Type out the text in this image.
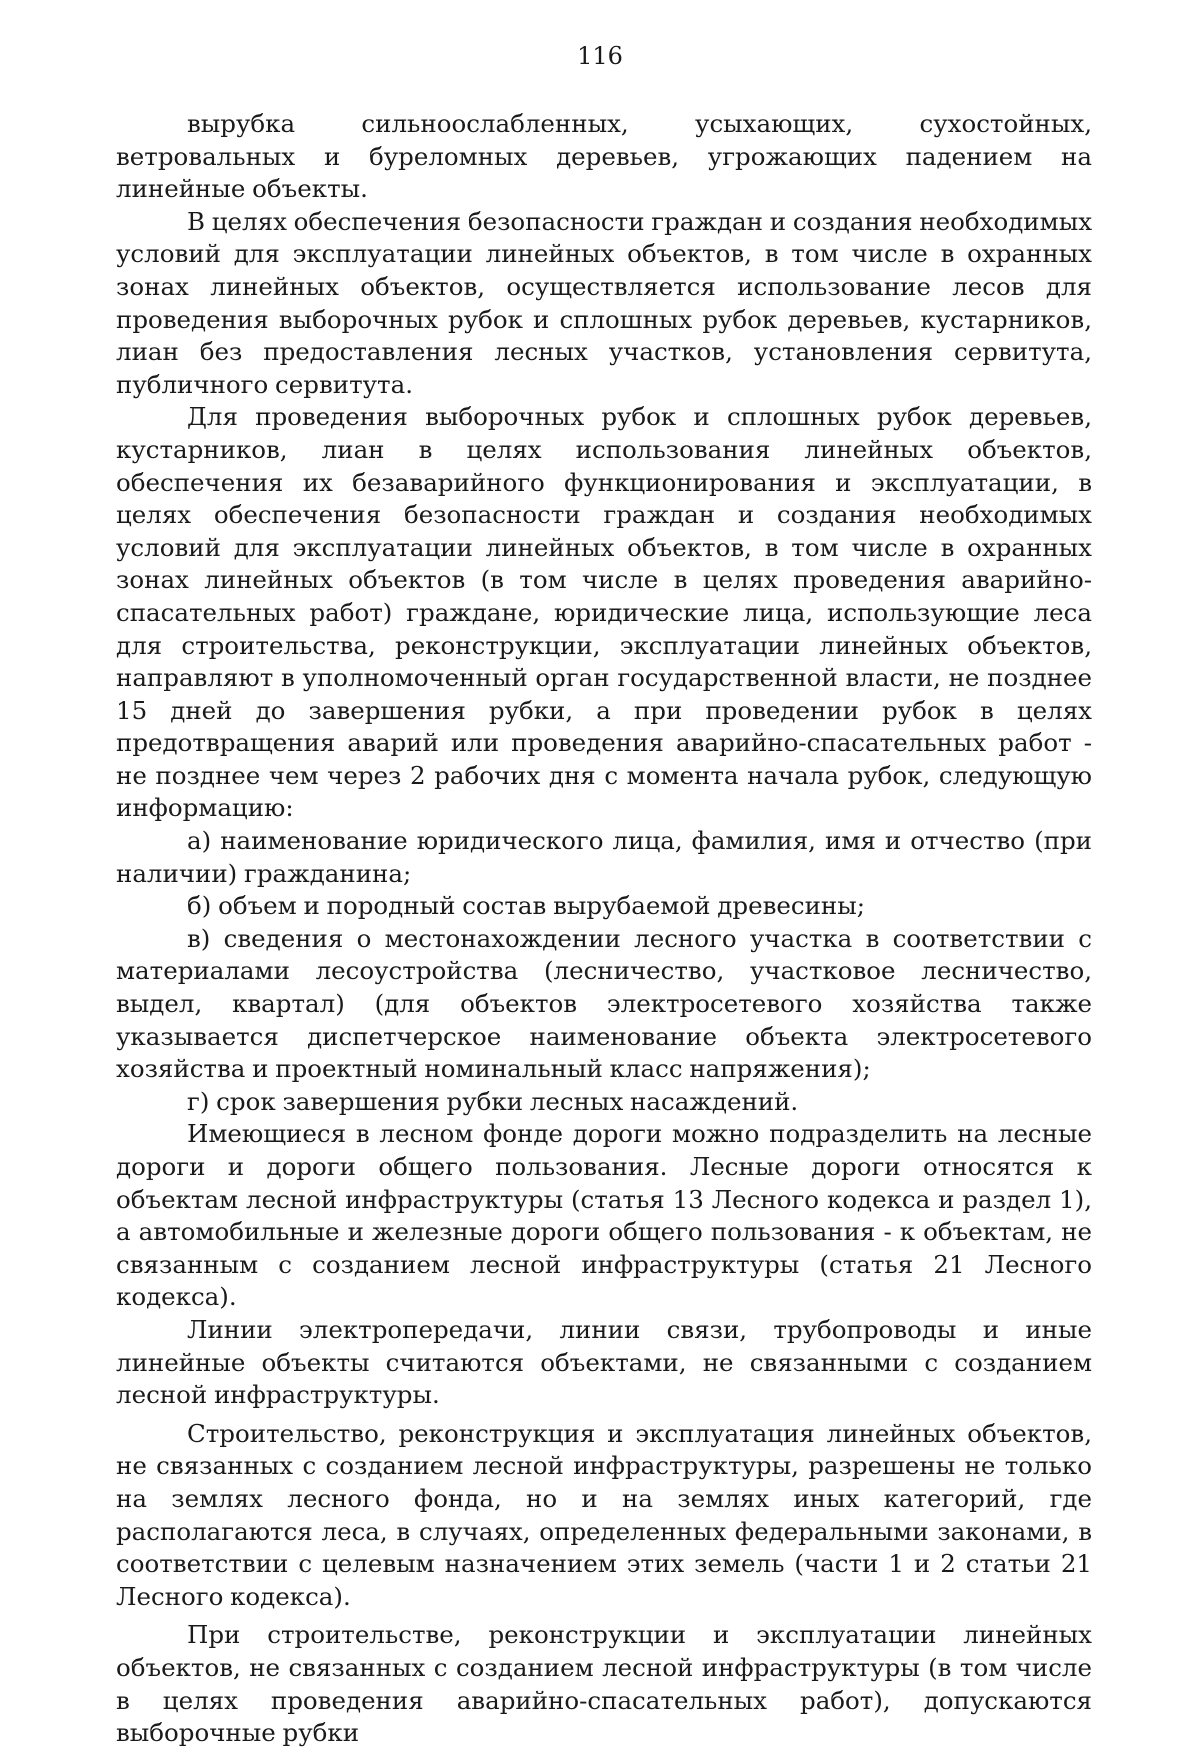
116

вырубка сильноослабленных, усыхающих, сухостойных, ветровальных и буреломных деревьев, угрожающих падением на линейные объекты.

В целях обеспечения безопасности граждан и создания необходимых условий для эксплуатации линейных объектов, в том числе в охранных зонах линейных объектов, осуществляется использование лесов для проведения выборочных рубок и сплошных рубок деревьев, кустарников, лиан без предоставления лесных участков, установления сервитута, публичного сервитута.

Для проведения выборочных рубок и сплошных рубок деревьев, кустарников, лиан в целях использования линейных объектов, обеспечения их безаварийного функционирования и эксплуатации, в целях обеспечения безопасности граждан и создания необходимых условий для эксплуатации линейных объектов, в том числе в охранных зонах линейных объектов (в том числе в целях проведения аварийно-спасательных работ) граждане, юридические лица, использующие леса для строительства, реконструкции, эксплуатации линейных объектов, направляют в уполномоченный орган государственной власти, не позднее 15 дней до завершения рубки, а при проведении рубок в целях предотвращения аварий или проведения аварийно-спасательных работ - не позднее чем через 2 рабочих дня с момента начала рубок, следующую информацию:

а) наименование юридического лица, фамилия, имя и отчество (при наличии) гражданина;

б) объем и породный состав вырубаемой древесины;

в) сведения о местонахождении лесного участка в соответствии с материалами лесоустройства (лесничество, участковое лесничество, выдел, квартал) (для объектов электросетевого хозяйства также указывается диспетчерское наименование объекта электросетевого хозяйства и проектный номинальный класс напряжения);

г) срок завершения рубки лесных насаждений.

Имеющиеся в лесном фонде дороги можно подразделить на лесные дороги и дороги общего пользования. Лесные дороги относятся к объектам лесной инфраструктуры (статья 13 Лесного кодекса и раздел 1), а автомобильные и железные дороги общего пользования - к объектам, не связанным с созданием лесной инфраструктуры (статья 21 Лесного кодекса).

Линии электропередачи, линии связи, трубопроводы и иные линейные объекты считаются объектами, не связанными с созданием лесной инфраструктуры.

Строительство, реконструкция и эксплуатация линейных объектов, не связанных с созданием лесной инфраструктуры, разрешены не только на землях лесного фонда, но и на землях иных категорий, где располагаются леса, в случаях, определенных федеральными законами, в соответствии с целевым назначением этих земель (части 1 и 2 статьи 21 Лесного кодекса).

При строительстве, реконструкции и эксплуатации линейных объектов, не связанных с созданием лесной инфраструктуры (в том числе в целях проведения аварийно-спасательных работ), допускаются выборочные рубки
